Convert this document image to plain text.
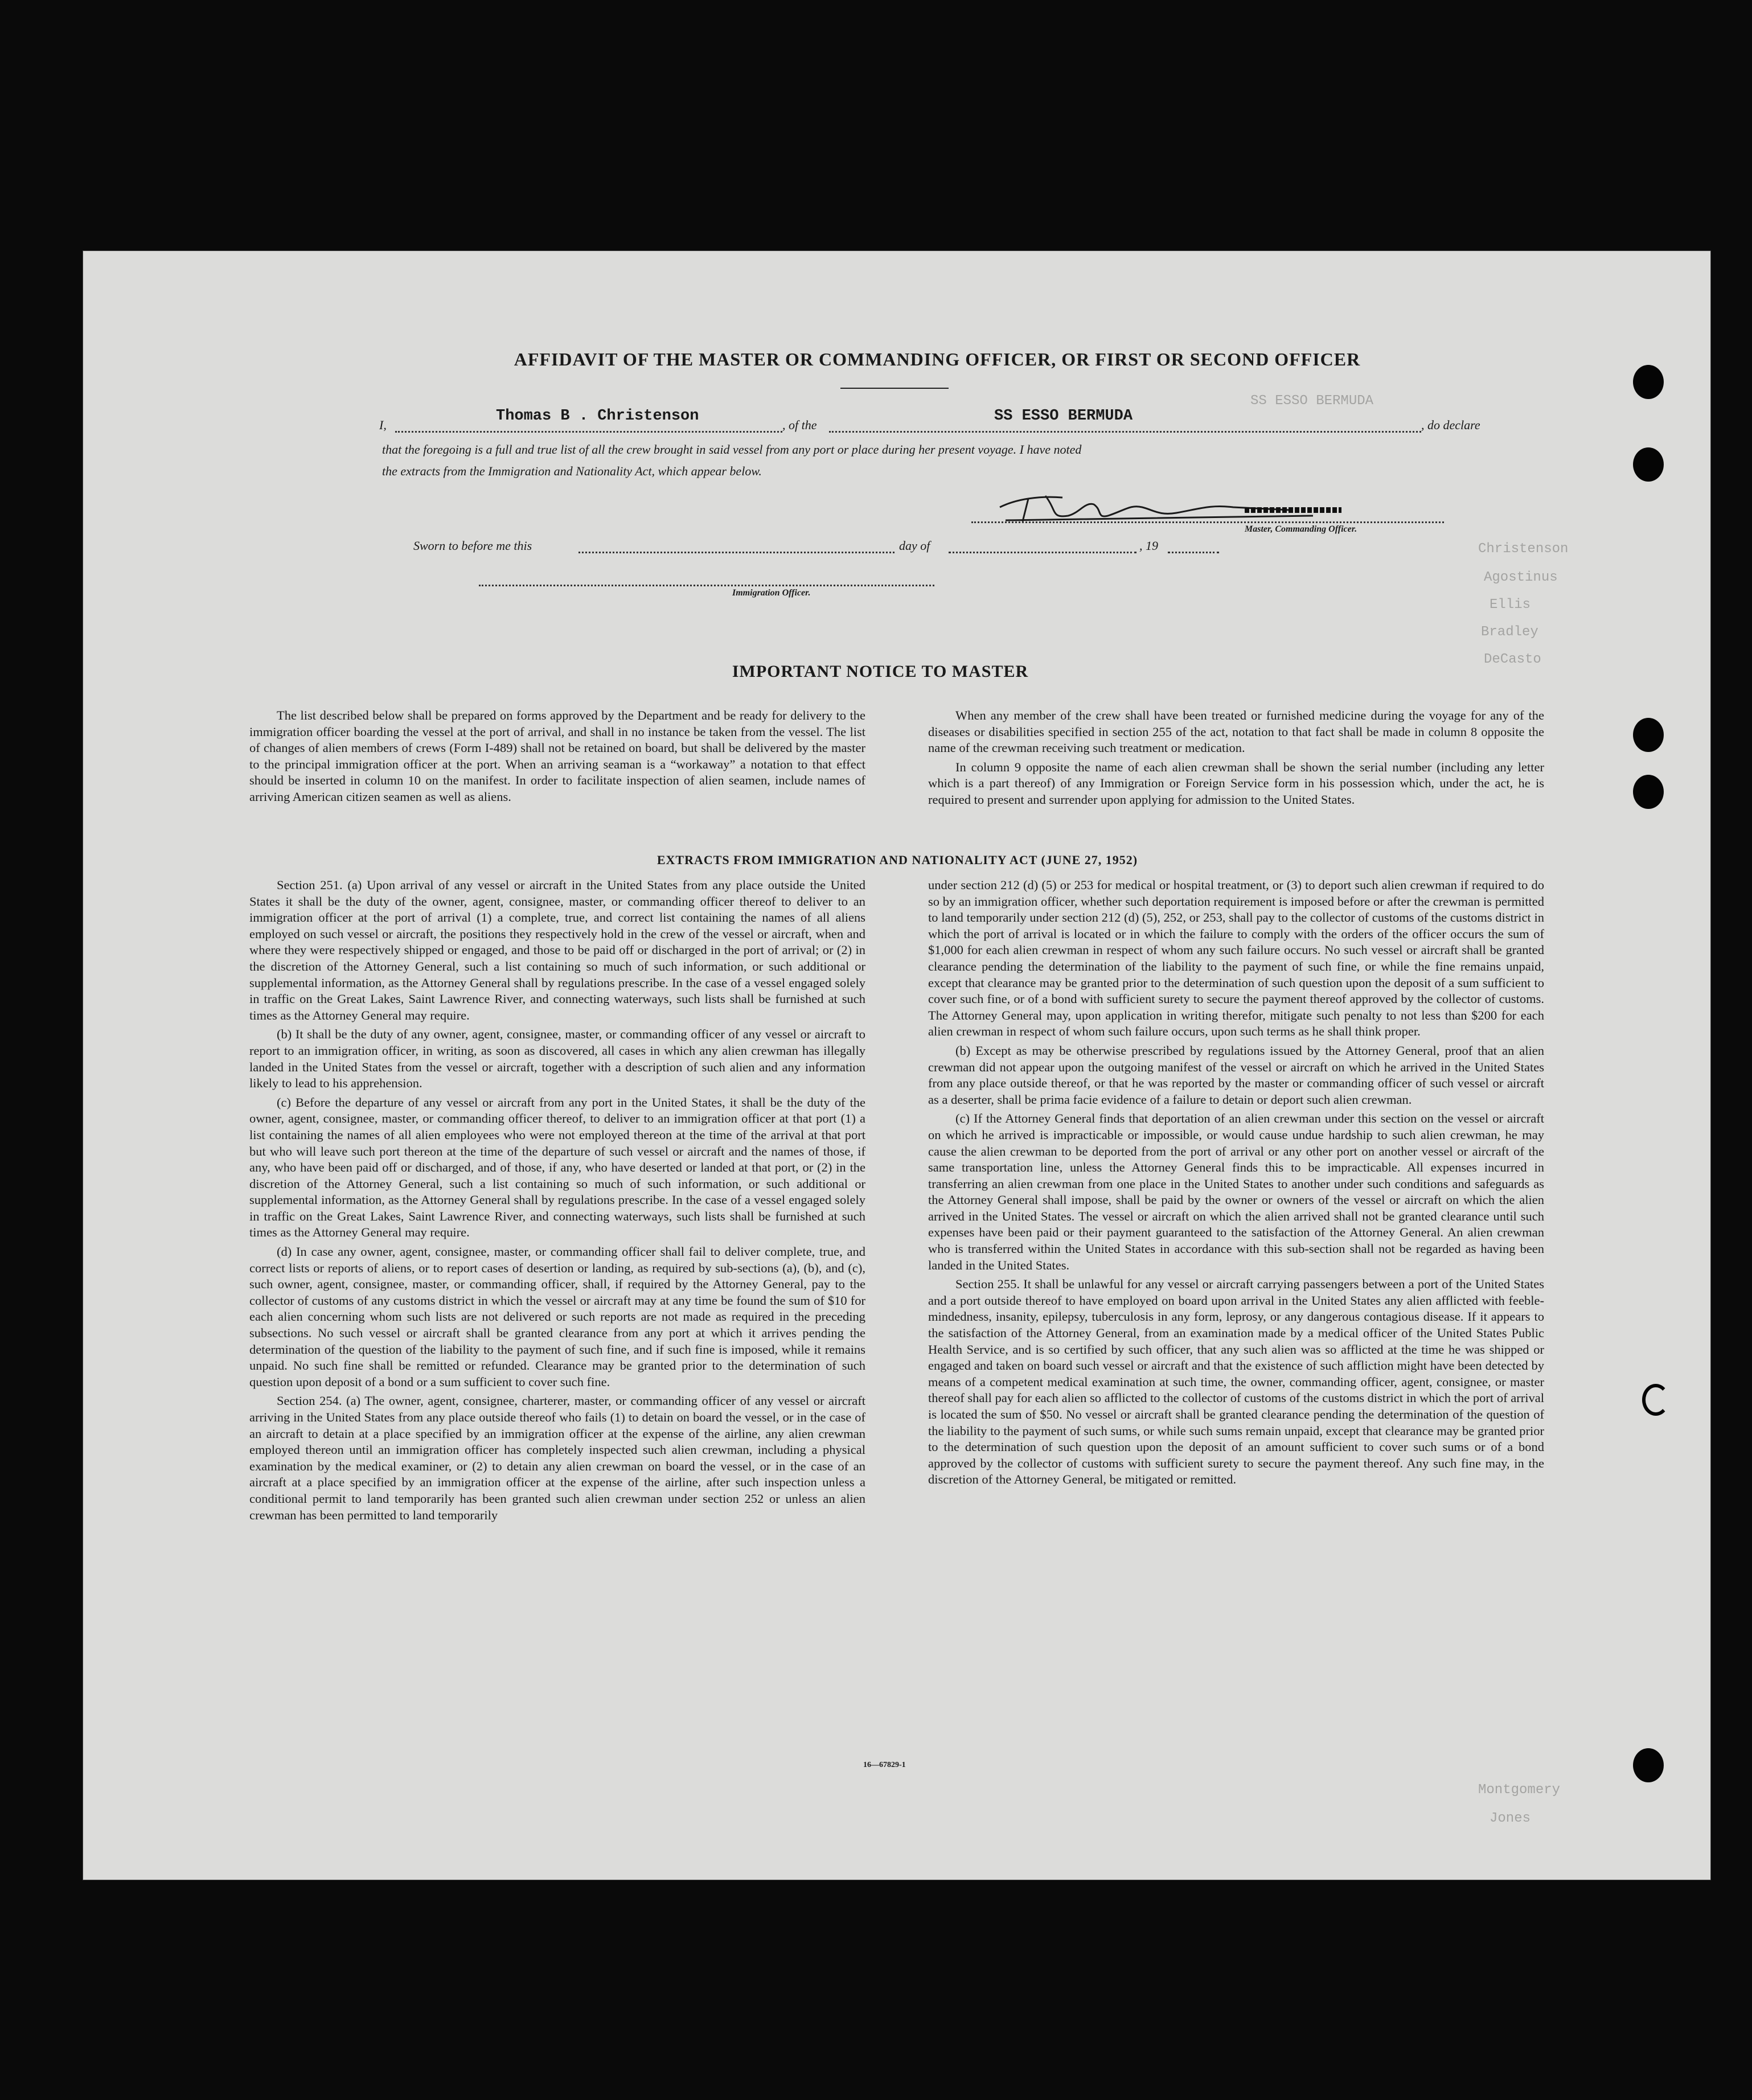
SS ESSO BERMUDA
Christenson
Agostinus
Ellis
Bradley
DeCasto
Montgomery
Jones
AFFIDAVIT OF THE MASTER OR COMMANDING OFFICER, OR FIRST OR SECOND OFFICER
I,
Thomas B . Christenson
, of the
SS ESSO BERMUDA
, do declare
that the foregoing is a full and true list of all the crew brought in said vessel from any port or place during her present voyage. I have noted
the extracts from the Immigration and Nationality Act, which appear below.
Master, Commanding Officer.
Sworn to before me this	day of	, 19
Immigration Officer.
IMPORTANT NOTICE TO MASTER

The list described below shall be prepared on forms approved by the Department and be ready for delivery to the immigration officer boarding the vessel at the port of arrival, and shall in no instance be taken from the vessel. The list of changes of alien members of crews (Form I-489) shall not be retained on board, but shall be delivered by the master to the principal immigration officer at the port. When an arriving seaman is a “workaway” a notation to that effect should be inserted in column 10 on the manifest. In order to facilitate inspection of alien seamen, include names of arriving American citizen seamen as well as aliens.

When any member of the crew shall have been treated or furnished medicine during the voyage for any of the diseases or disabilities specified in section 255 of the act, notation to that fact shall be made in column 8 opposite the name of the crewman receiving such treatment or medication.

In column 9 opposite the name of each alien crewman shall be shown the serial number (including any letter which is a part thereof) of any Immigration or Foreign Service form in his possession which, under the act, he is required to present and surrender upon applying for admission to the United States.

EXTRACTS FROM IMMIGRATION AND NATIONALITY ACT (JUNE 27, 1952)

Section 251. (a) Upon arrival of any vessel or aircraft in the United States from any place outside the United States it shall be the duty of the owner, agent, consignee, master, or commanding officer thereof to deliver to an immigration officer at the port of arrival (1) a complete, true, and correct list containing the names of all aliens employed on such vessel or aircraft, the positions they respectively hold in the crew of the vessel or aircraft, when and where they were respectively shipped or engaged, and those to be paid off or discharged in the port of arrival; or (2) in the discretion of the Attorney General, such a list containing so much of such information, or such additional or supplemental information, as the Attorney General shall by regulations prescribe. In the case of a vessel engaged solely in traffic on the Great Lakes, Saint Lawrence River, and connecting waterways, such lists shall be furnished at such times as the Attorney General may require.

(b) It shall be the duty of any owner, agent, consignee, master, or commanding officer of any vessel or aircraft to report to an immigration officer, in writing, as soon as discovered, all cases in which any alien crewman has illegally landed in the United States from the vessel or aircraft, together with a description of such alien and any information likely to lead to his apprehension.

(c) Before the departure of any vessel or aircraft from any port in the United States, it shall be the duty of the owner, agent, consignee, master, or commanding officer thereof, to deliver to an immigration officer at that port (1) a list containing the names of all alien employees who were not employed thereon at the time of the arrival at that port but who will leave such port thereon at the time of the departure of such vessel or aircraft and the names of those, if any, who have been paid off or discharged, and of those, if any, who have deserted or landed at that port, or (2) in the discretion of the Attorney General, such a list containing so much of such information, or such additional or supplemental information, as the Attorney General shall by regulations prescribe. In the case of a vessel engaged solely in traffic on the Great Lakes, Saint Lawrence River, and connecting waterways, such lists shall be furnished at such times as the Attorney General may require.

(d) In case any owner, agent, consignee, master, or commanding officer shall fail to deliver complete, true, and correct lists or reports of aliens, or to report cases of desertion or landing, as required by sub-sections (a), (b), and (c), such owner, agent, consignee, master, or commanding officer, shall, if required by the Attorney General, pay to the collector of customs of any customs district in which the vessel or aircraft may at any time be found the sum of $10 for each alien concerning whom such lists are not delivered or such reports are not made as required in the preceding subsections. No such vessel or aircraft shall be granted clearance from any port at which it arrives pending the determination of the question of the liability to the payment of such fine, and if such fine is imposed, while it remains unpaid. No such fine shall be remitted or refunded. Clearance may be granted prior to the determination of such question upon deposit of a bond or a sum sufficient to cover such fine.

Section 254. (a) The owner, agent, consignee, charterer, master, or commanding officer of any vessel or aircraft arriving in the United States from any place outside thereof who fails (1) to detain on board the vessel, or in the case of an aircraft to detain at a place specified by an immigration officer at the expense of the airline, any alien crewman employed thereon until an immigration officer has completely inspected such alien crewman, including a physical examination by the medical examiner, or (2) to detain any alien crewman on board the vessel, or in the case of an aircraft at a place specified by an immigration officer at the expense of the airline, after such inspection unless a conditional permit to land temporarily has been granted such alien crewman under section 252 or unless an alien crewman has been permitted to land temporarily

under section 212 (d) (5) or 253 for medical or hospital treatment, or (3) to deport such alien crewman if required to do so by an immigration officer, whether such deportation requirement is imposed before or after the crewman is permitted to land temporarily under section 212 (d) (5), 252, or 253, shall pay to the collector of customs of the customs district in which the port of arrival is located or in which the failure to comply with the orders of the officer occurs the sum of $1,000 for each alien crewman in respect of whom any such failure occurs. No such vessel or aircraft shall be granted clearance pending the determination of the liability to the payment of such fine, or while the fine remains unpaid, except that clearance may be granted prior to the determination of such question upon the deposit of a sum sufficient to cover such fine, or of a bond with sufficient surety to secure the payment thereof approved by the collector of customs. The Attorney General may, upon application in writing therefor, mitigate such penalty to not less than $200 for each alien crewman in respect of whom such failure occurs, upon such terms as he shall think proper.

(b) Except as may be otherwise prescribed by regulations issued by the Attorney General, proof that an alien crewman did not appear upon the outgoing manifest of the vessel or aircraft on which he arrived in the United States from any place outside thereof, or that he was reported by the master or commanding officer of such vessel or aircraft as a deserter, shall be prima facie evidence of a failure to detain or deport such alien crewman.

(c) If the Attorney General finds that deportation of an alien crewman under this section on the vessel or aircraft on which he arrived is impracticable or impossible, or would cause undue hardship to such alien crewman, he may cause the alien crewman to be deported from the port of arrival or any other port on another vessel or aircraft of the same transportation line, unless the Attorney General finds this to be impracticable. All expenses incurred in transferring an alien crewman from one place in the United States to another under such conditions and safeguards as the Attorney General shall impose, shall be paid by the owner or owners of the vessel or aircraft on which the alien arrived in the United States. The vessel or aircraft on which the alien arrived shall not be granted clearance until such expenses have been paid or their payment guaranteed to the satisfaction of the Attorney General. An alien crewman who is transferred within the United States in accordance with this sub-section shall not be regarded as having been landed in the United States.

Section 255. It shall be unlawful for any vessel or aircraft carrying passengers between a port of the United States and a port outside thereof to have employed on board upon arrival in the United States any alien afflicted with feeble-mindedness, insanity, epilepsy, tuberculosis in any form, leprosy, or any dangerous contagious disease. If it appears to the satisfaction of the Attorney General, from an examination made by a medical officer of the United States Public Health Service, and is so certified by such officer, that any such alien was so afflicted at the time he was shipped or engaged and taken on board such vessel or aircraft and that the existence of such affliction might have been detected by means of a competent medical examination at such time, the owner, commanding officer, agent, consignee, or master thereof shall pay for each alien so afflicted to the collector of customs of the customs district in which the port of arrival is located the sum of $50. No vessel or aircraft shall be granted clearance pending the determination of the question of the liability to the payment of such sums, or while such sums remain unpaid, except that clearance may be granted prior to the determination of such question upon the deposit of an amount sufficient to cover such sums or of a bond approved by the collector of customs with sufficient surety to secure the payment thereof. Any such fine may, in the discretion of the Attorney General, be mitigated or remitted.

16—67829-1
